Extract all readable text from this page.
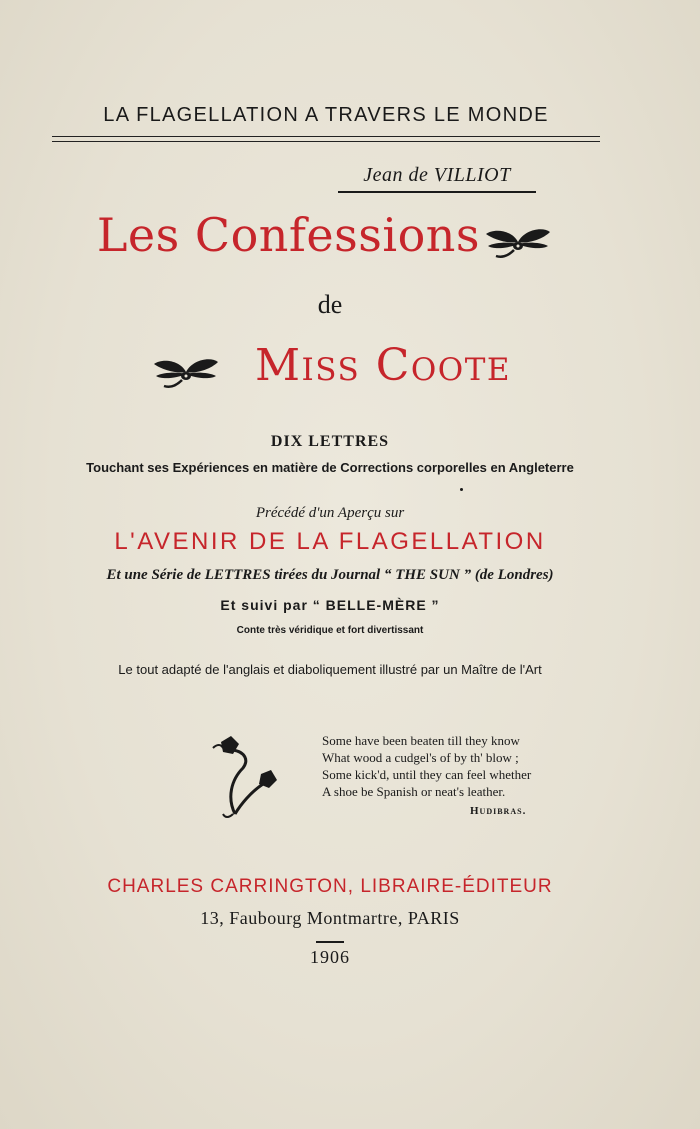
LA FLAGELLATION A TRAVERS LE MONDE
Jean de VILLIOT
Les Confessions
de
Miss Coote
DIX LETTRES
Touchant ses Expériences en matière de Corrections corporelles en Angleterre
Précédé d'un Aperçu sur
L'AVENIR DE LA FLAGELLATION
Et une Série de LETTRES tirées du Journal “ THE SUN ” (de Londres)
Et suivi par “ BELLE-MÈRE ”
Conte très véridique et fort divertissant
Le tout adapté de l'anglais et diaboliquement illustré par un Maître de l'Art
Some have been beaten till they know
What wood a cudgel's of by th' blow ;
Some kick'd, until they can feel whether
A shoe be Spanish or neat's leather.
Hudibras.
CHARLES CARRINGTON, LIBRAIRE-ÉDITEUR
13, Faubourg Montmartre, PARIS
1906
